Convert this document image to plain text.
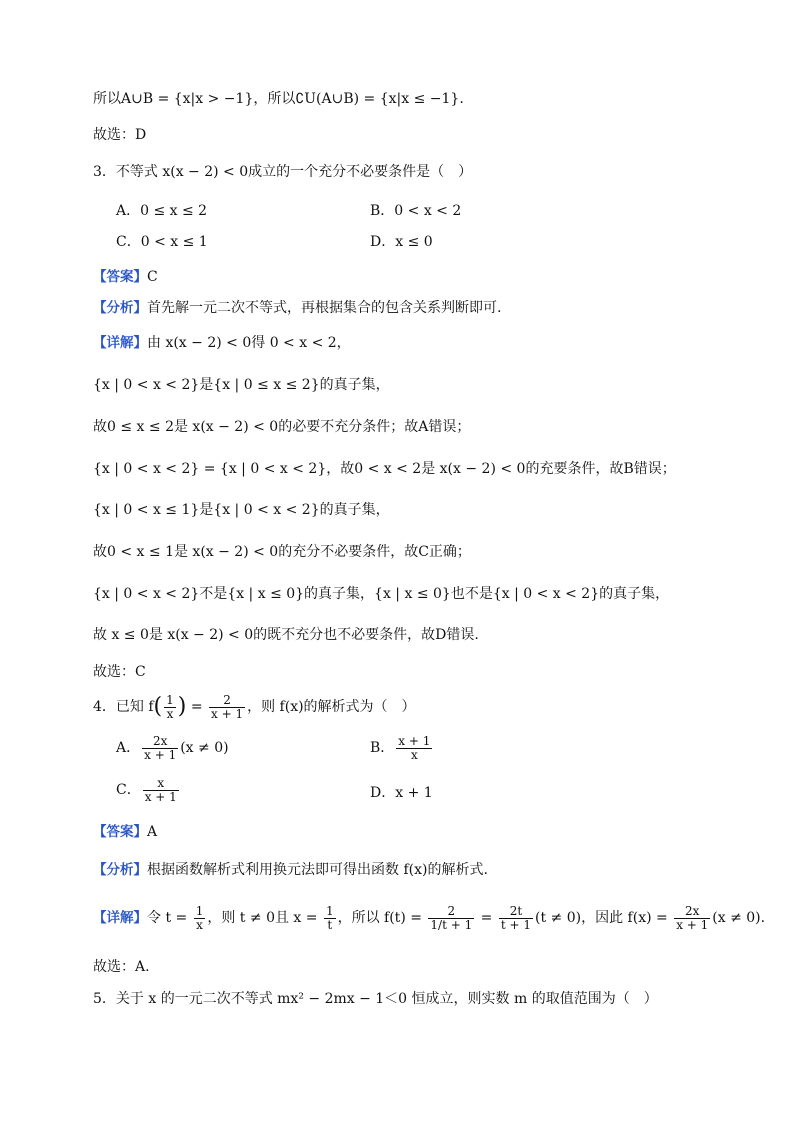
所以A∪B = {x|x > −1}，所以∁U(A∪B) = {x|x ≤ −1}.
故选：D
3．不等式 x(x − 2) < 0成立的一个充分不必要条件是（　）
A．0 ≤ x ≤ 2	B．0 < x < 2
C．0 < x ≤ 1	D．x ≤ 0
【答案】C
【分析】首先解一元二次不等式，再根据集合的包含关系判断即可.
【详解】由 x(x − 2) < 0得 0 < x < 2，
{x | 0 < x < 2}是{x | 0 ≤ x ≤ 2}的真子集，
故0 ≤ x ≤ 2是 x(x − 2) < 0的必要不充分条件；故A错误；
{x | 0 < x < 2} = {x | 0 < x < 2}，故0 < x < 2是 x(x − 2) < 0的充要条件，故B错误；
{x | 0 < x ≤ 1}是{x | 0 < x < 2}的真子集，
故0 < x ≤ 1是 x(x − 2) < 0的充分不必要条件，故C正确；
{x | 0 < x < 2}不是{x | x ≤ 0}的真子集，{x | x ≤ 0}也不是{x | 0 < x < 2}的真子集，
故 x ≤ 0是 x(x − 2) < 0的既不充分也不必要条件，故D错误.
故选：C
4．已知 $f( \frac{1}{x}$ ) = $\frac{2}{x + 1}$ ，则 f(x)的解析式为（　）
A． $\frac{2x}{x + 1} (x \ne 0)$	B． $\frac{x + 1}{x}$
C． $\frac{x}{x + 1}$	D．x + 1
【答案】A
【分析】根据函数解析式利用换元法即可得出函数 f(x)的解析式.
【详解】令 $t = \frac{1}{x}$ ，则 t ≠ 0且 $x = \frac{1}{t}$ ，所以 $f(t) = \frac{2}{1/t + 1} = \frac{2t}{t + 1} (t \ne 0)$，因此 $f(x) = \frac{2x}{x + 1} (x \ne 0)$.
故选：A.
5．关于 x 的一元二次不等式 mx² − 2mx − 1＜0 恒成立，则实数 m 的取值范围为（　）
